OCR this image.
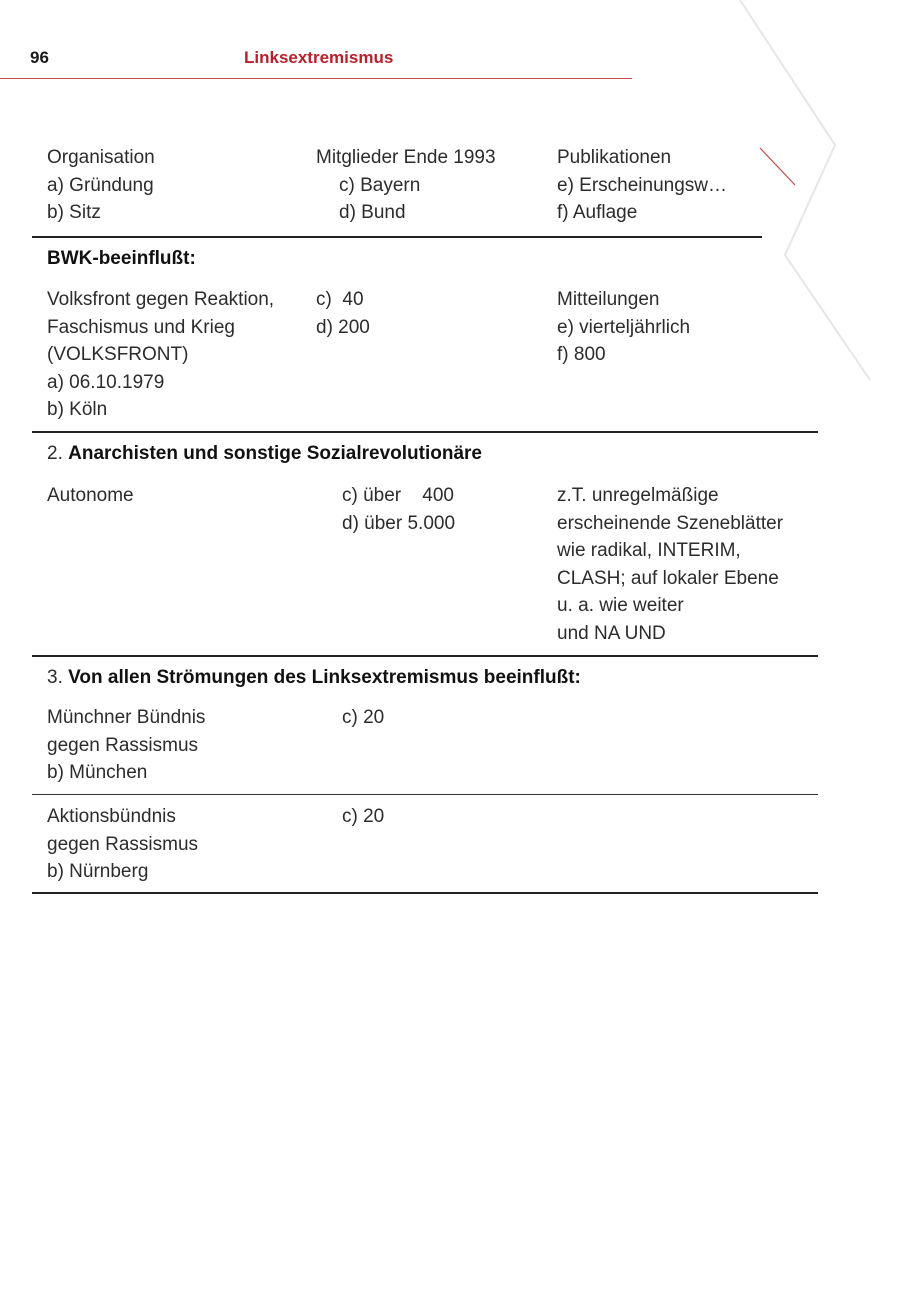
96	Linksextremismus
Organisation
a) Gründung
b) Sitz
Mitglieder Ende 1993
c) Bayern
d) Bund
Publikationen
e) Erscheinungsw…
f) Auflage
BWK-beeinflußt:
Volksfront gegen Reaktion,
Faschismus und Krieg
(VOLKSFRONT)
a) 06.10.1979
b) Köln
c)  40
d) 200
Mitteilungen
e) vierteljährlich
f) 800
2. Anarchisten und sonstige Sozialrevolutionäre
Autonome	c) über    400
d) über 5.000
z.T. unregelmäßige
erscheinende Szeneblätter
wie radikal, INTERIM,
CLASH; auf lokaler Ebene
u. a. wie weiter
und NA UND
3. Von allen Strömungen des Linksextremismus beeinflußt:
Münchner Bündnis
gegen Rassismus
b) München
c) 20
Aktionsbündnis
gegen Rassismus
b) Nürnberg
c) 20
